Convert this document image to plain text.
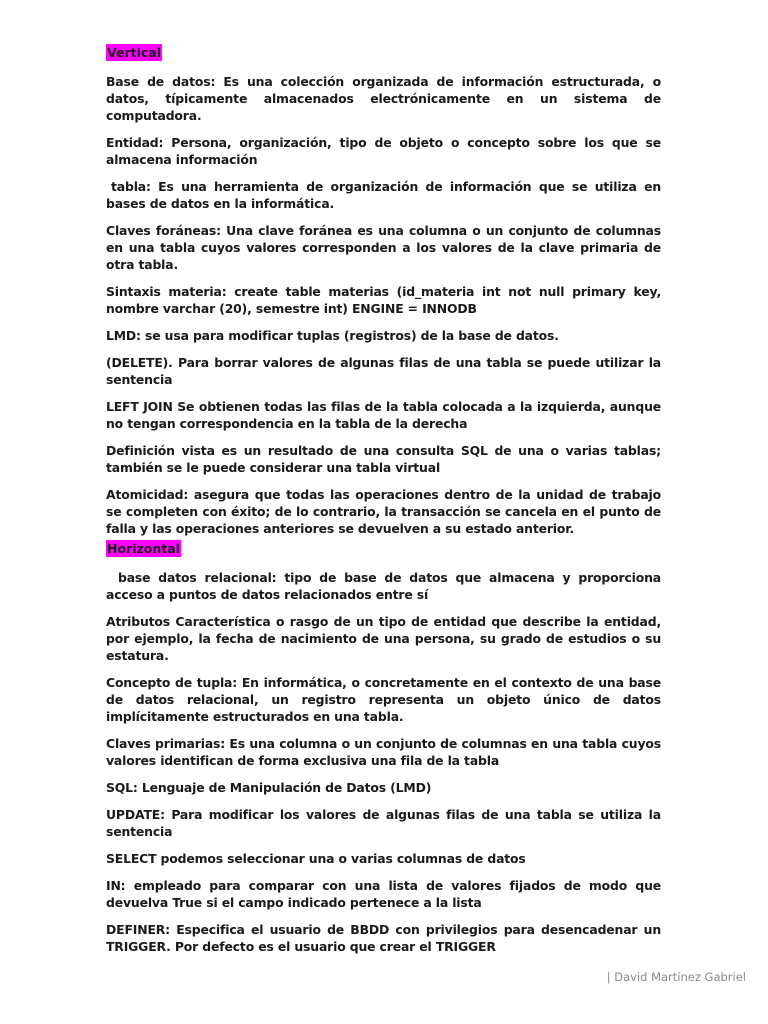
Vertical

Base de datos: Es una colección organizada de información estructurada, o datos, típicamente almacenados electrónicamente en un sistema de computadora.

Entidad: Persona, organización, tipo de objeto o concepto sobre los que se almacena información

tabla: Es una herramienta de organización de información que se utiliza en bases de datos en la informática.

Claves foráneas: Una clave foránea es una columna o un conjunto de columnas en una tabla cuyos valores corresponden a los valores de la clave primaria de otra tabla.

Sintaxis materia: create table materias (id_materia int not null primary key, nombre varchar (20), semestre int) ENGINE = INNODB

LMD: se usa para modificar tuplas (registros) de la base de datos.

(DELETE). Para borrar valores de algunas filas de una tabla se puede utilizar la sentencia

LEFT JOIN Se obtienen todas las filas de la tabla colocada a la izquierda, aunque no tengan correspondencia en la tabla de la derecha

Definición vista es un resultado de una consulta SQL de una o varias tablas; también se le puede considerar una tabla virtual

Atomicidad: asegura que todas las operaciones dentro de la unidad de trabajo se completen con éxito; de lo contrario, la transacción se cancela en el punto de falla y las operaciones anteriores se devuelven a su estado anterior.

Horizontal

base datos relacional: tipo de base de datos que almacena y proporciona acceso a puntos de datos relacionados entre sí

Atributos Característica o rasgo de un tipo de entidad que describe la entidad, por ejemplo, la fecha de nacimiento de una persona, su grado de estudios o su estatura.

Concepto de tupla: En informática, o concretamente en el contexto de una base de datos relacional, un registro representa un objeto único de datos implícitamente estructurados en una tabla.

Claves primarias: Es una columna o un conjunto de columnas en una tabla cuyos valores identifican de forma exclusiva una fila de la tabla

SQL: Lenguaje de Manipulación de Datos (LMD)

UPDATE: Para modificar los valores de algunas filas de una tabla se utiliza la sentencia

SELECT podemos seleccionar una o varias columnas de datos

IN: empleado para comparar con una lista de valores fijados de modo que devuelva True si el campo indicado pertenece a la lista

DEFINER: Especifica el usuario de BBDD con privilegios para desencadenar un TRIGGER. Por defecto es el usuario que crear el TRIGGER

| David Martínez Gabriel
